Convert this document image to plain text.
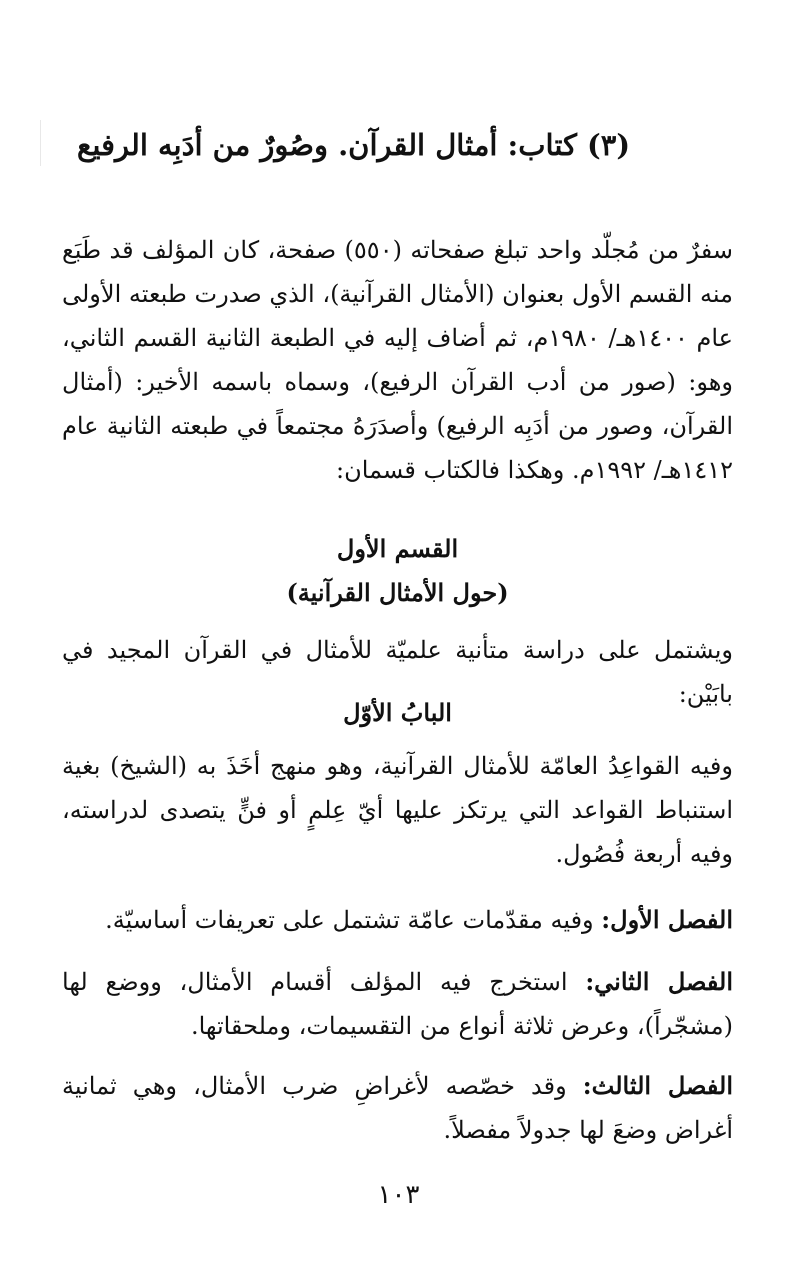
(٣) كتاب: أمثال القرآن. وصُورٌ من أدَبِه الرفيع
سفرٌ من مُجلّد واحد تبلغ صفحاته (٥٥٠) صفحة، كان المؤلف قد طَبَع منه القسم الأول بعنوان (الأمثال القرآنية)، الذي صدرت طبعته الأولى عام ١٤٠٠هـ/ ١٩٨٠م، ثم أضاف إليه في الطبعة الثانية القسم الثاني، وهو: (صور من أدب القرآن الرفيع)، وسماه باسمه الأخير: (أمثال القرآن، وصور من أدَبِه الرفيع) وأصدَرَهُ مجتمعاً في طبعته الثانية عام ١٤١٢هـ/ ١٩٩٢م. وهكذا فالكتاب قسمان:
القسم الأول
(حول الأمثال القرآنية)
ويشتمل على دراسة متأنية علميّة للأمثال في القرآن المجيد في بابَيْن:
البابُ الأوّل
وفيه القواعِدُ العامّة للأمثال القرآنية، وهو منهج أخَذَ به (الشيخ) بغية استنباط القواعد التي يرتكز عليها أيّ عِلمٍ أو فنٍّ يتصدى لدراسته، وفيه أربعة فُصُول.
الفصل الأول: وفيه مقدّمات عامّة تشتمل على تعريفات أساسيّة.
الفصل الثاني: استخرج فيه المؤلف أقسام الأمثال، ووضع لها (مشجّراً)، وعرض ثلاثة أنواع من التقسيمات، وملحقاتها.
الفصل الثالث: وقد خصّصه لأغراضِ ضرب الأمثال، وهي ثمانية أغراض وضعَ لها جدولاً مفصلاً.
١٠٣
